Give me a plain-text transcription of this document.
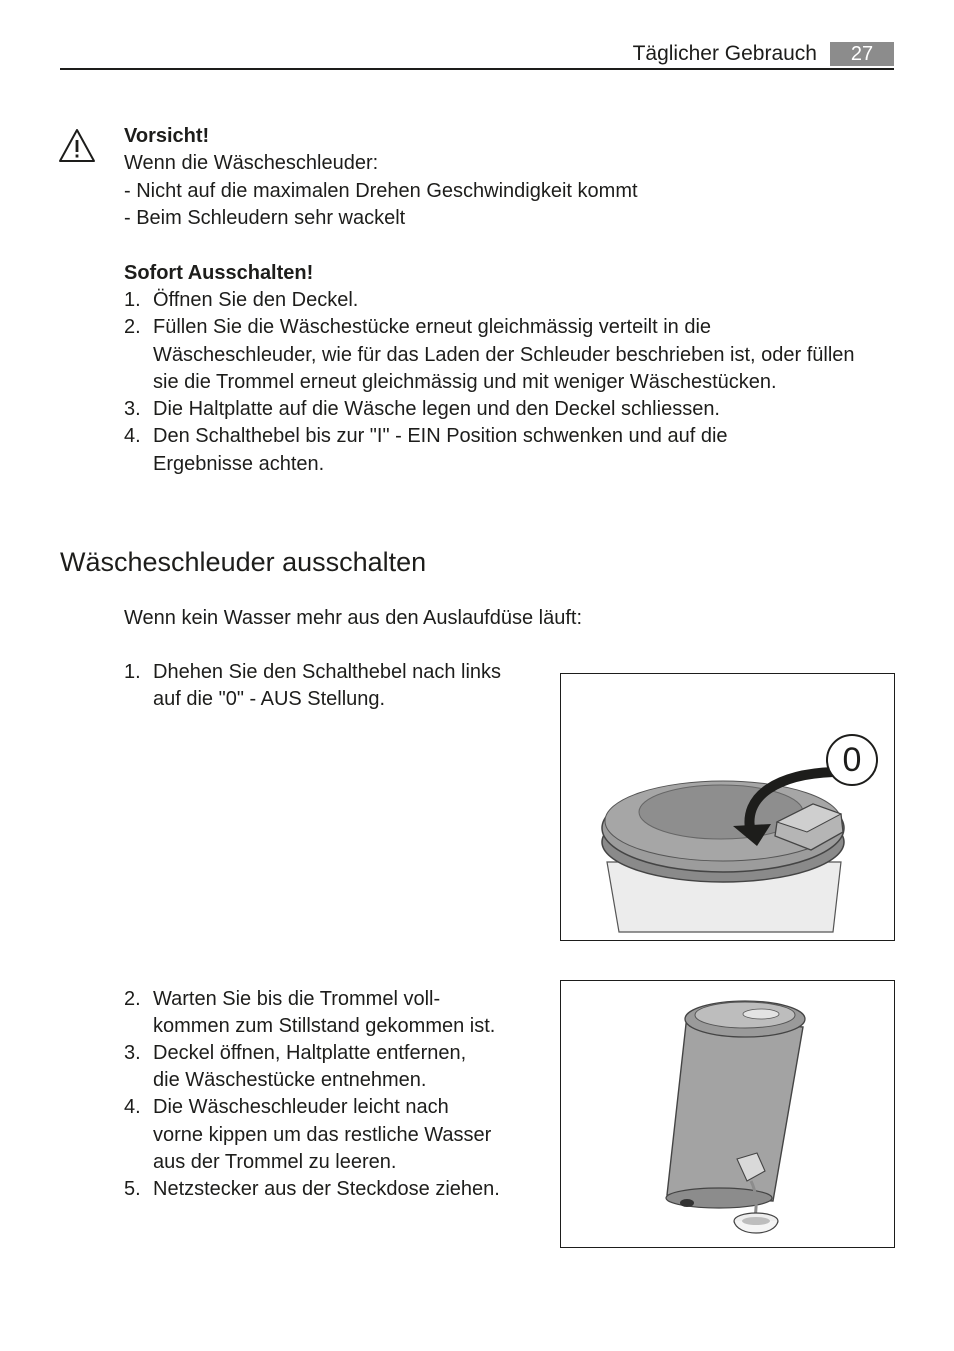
Täglicher Gebrauch	27
Vorsicht!
Wenn die Wäscheschleuder:
- Nicht auf die maximalen Drehen Geschwindigkeit kommt
- Beim Schleudern sehr wackelt
Sofort Ausschalten!
1. Öffnen Sie den Deckel.
2. Füllen Sie die Wäschestücke erneut gleichmässig verteilt in die
Wäscheschleuder, wie für das Laden der Schleuder beschrieben ist, oder füllen
sie die Trommel erneut gleichmässig und mit weniger Wäschestücken.
3. Die Haltplatte auf die Wäsche legen und den Deckel schliessen.
4. Den Schalthebel bis zur "I" - EIN Position schwenken und auf die
Ergebnisse achten.
Wäscheschleuder ausschalten
Wenn kein Wasser mehr aus den Auslaufdüse läuft:
1. Dhehen Sie den Schalthebel nach links
auf die "0" - AUS Stellung.
2. Warten Sie bis die Trommel voll-
kommen zum Stillstand gekommen ist.
3. Deckel öffnen, Haltplatte entfernen,
die Wäschestücke entnehmen.
4. Die Wäscheschleuder leicht nach
vorne kippen um das restliche Wasser
aus der Trommel zu leeren.
5. Netzstecker aus der Steckdose ziehen.
0
